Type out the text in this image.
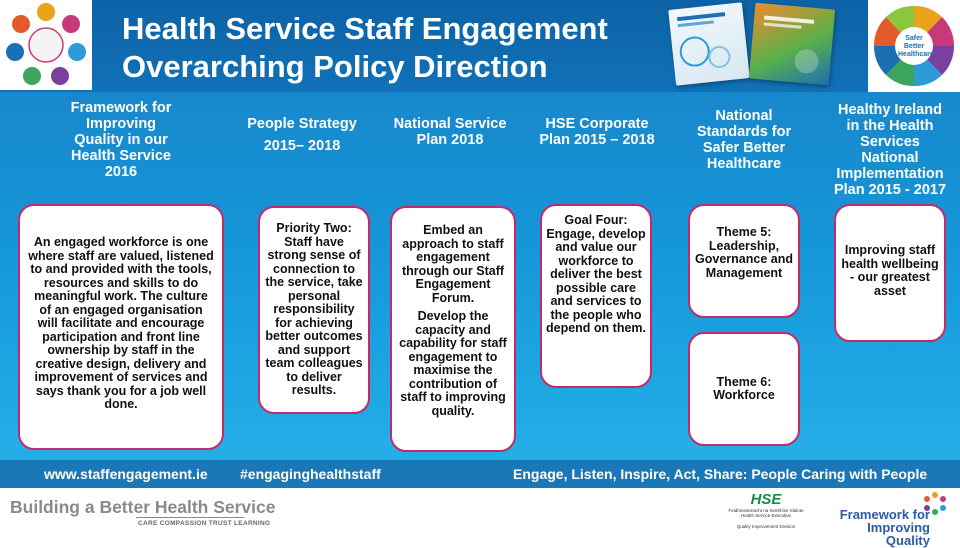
Health Service Staff Engagement
Overarching Policy Direction
Safer Better Healthcare
Framework for
Improving
Quality in our
Health Service
2016
People Strategy
2015– 2018
National Service
Plan 2018
HSE Corporate
Plan 2015 – 2018
National
Standards for
Safer Better
Healthcare
Healthy Ireland
in the Health
Services
National
Implementation
Plan 2015 - 2017

An engaged workforce is one where staff are valued, listened to and provided with the tools, resources and skills to do meaningful work. The culture of an engaged organisation will facilitate and encourage participation and front line ownership by staff in the creative design, delivery and improvement of services and says thank you for a job well done.

Priority Two: Staff have strong sense of connection to the service, take personal responsibility for achieving better outcomes and support team colleagues to deliver results.

Embed an approach to staff engagement through our Staff Engagement Forum.

Develop the capacity and capability for staff engagement to maximise the contribution of staff to improving quality.

Goal Four: Engage, develop and value our workforce to deliver the best possible care and services to the people who depend on them.

Theme 5: Leadership, Governance and Management

Theme 6: Workforce

Improving staff health wellbeing - our greatest asset

www.staffengagement.ie #engaginghealthstaff	Engage, Listen, Inspire, Act, Share: People Caring with People
Building a Better Health Service
CARE COMPASSION TRUST LEARNING
HSE
Feidhmeannacht na Seirbhíse Sláinte Health Service Executive
Quality Improvement Division
Framework for
Improving Quality
